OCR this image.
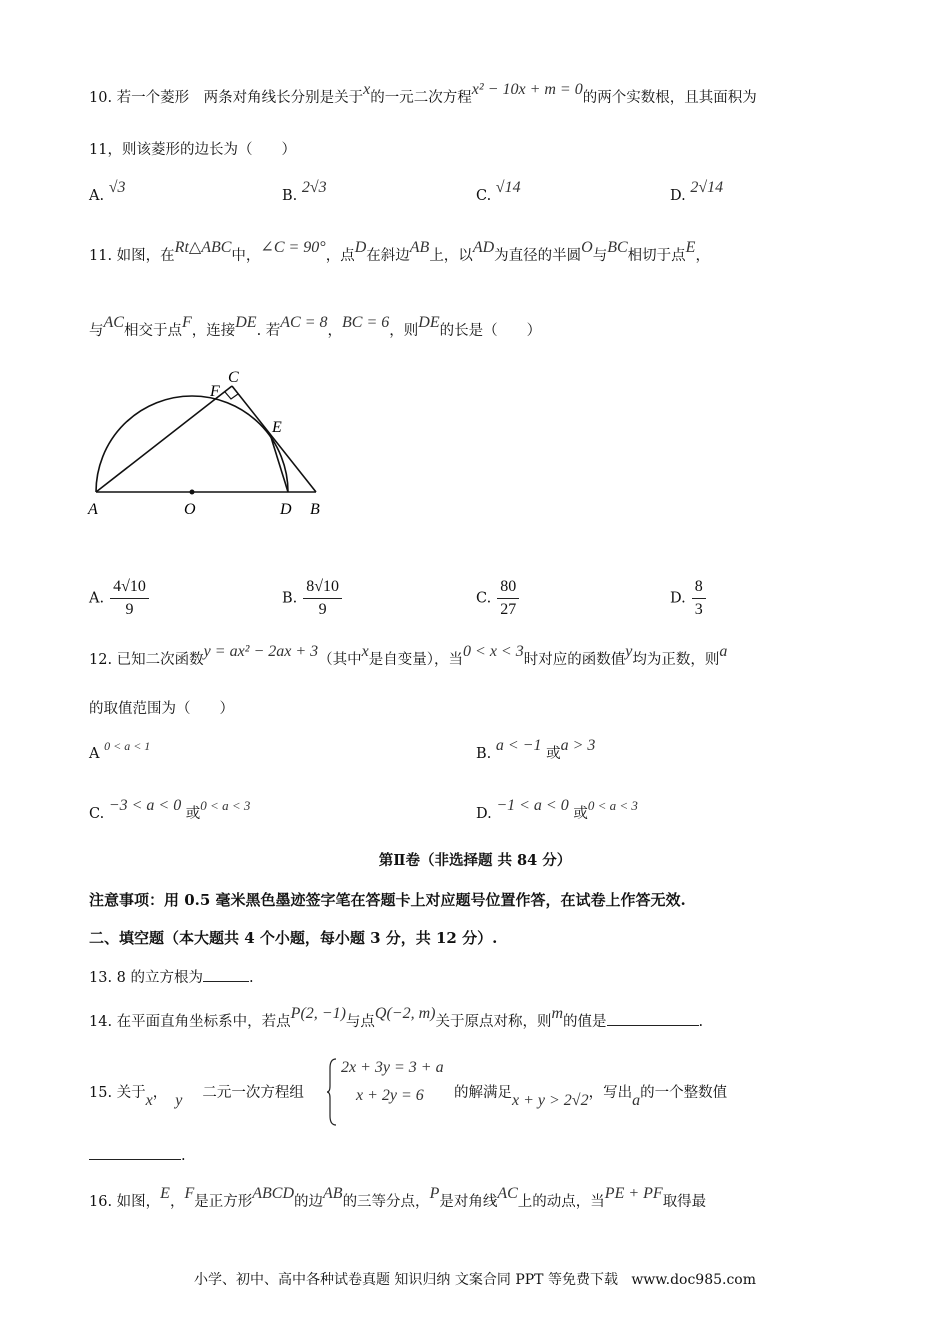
10. 若一个菱形　两条对角线长分别是关于x的一元二次方程x² − 10x + m = 0的两个实数根，且其面积为
11，则该菱形的边长为（　　）
A. √3	B. 2√3	C. √14	D. 2√14
11. 如图，在Rt△ABC中，∠C = 90°，点D在斜边AB上，以AD为直径的半圆O与BC相切于点E，
与AC相交于点F，连接DE. 若AC = 8，BC = 6，则DE的长是（　　）
A	O	D B
F
C
E
A. $\frac{4√10}{9}$	B. $\frac{8√10}{9}$	C. $\frac{80}{27}$	D. $\frac{8}{3}$
12. 已知二次函数y = ax² − 2ax + 3（其中x是自变量），当0 < x < 3时对应的函数值y均为正数，则a
的取值范围为（　　）
A $^{0 < a < 1}$	B. a < −1 或a > 3
C. −3 < a < 0 或0 < a < 3
D. −1 < a < 0 或0 < a < 3
第Ⅱ卷（非选择题 共 84 分）
注意事项：用 0.5 毫米黑色墨迹签字笔在答题卡上对应题号位置作答，在试卷上作答无效.
二、填空题（本大题共 4 个小题，每小题 3 分，共 12 分）.
13. 8 的立方根为	.
14. 在平面直角坐标系中，若点P(2, −1)与点Q(−2, m)关于原点对称，则m的值是	.
15. 关于x， y 二元一次方程组
2x + 3y = 3 + a
x + 2y = 6 的解满足x + y > 2√2，写出a的一个整数值
.
16. 如图，E，F是正方形ABCD的边AB的三等分点，P是对角线AC上的动点，当PE + PF取得最
小学、初中、高中各种试卷真题 知识归纳 文案合同 PPT 等免费下载 www.doc985.com
